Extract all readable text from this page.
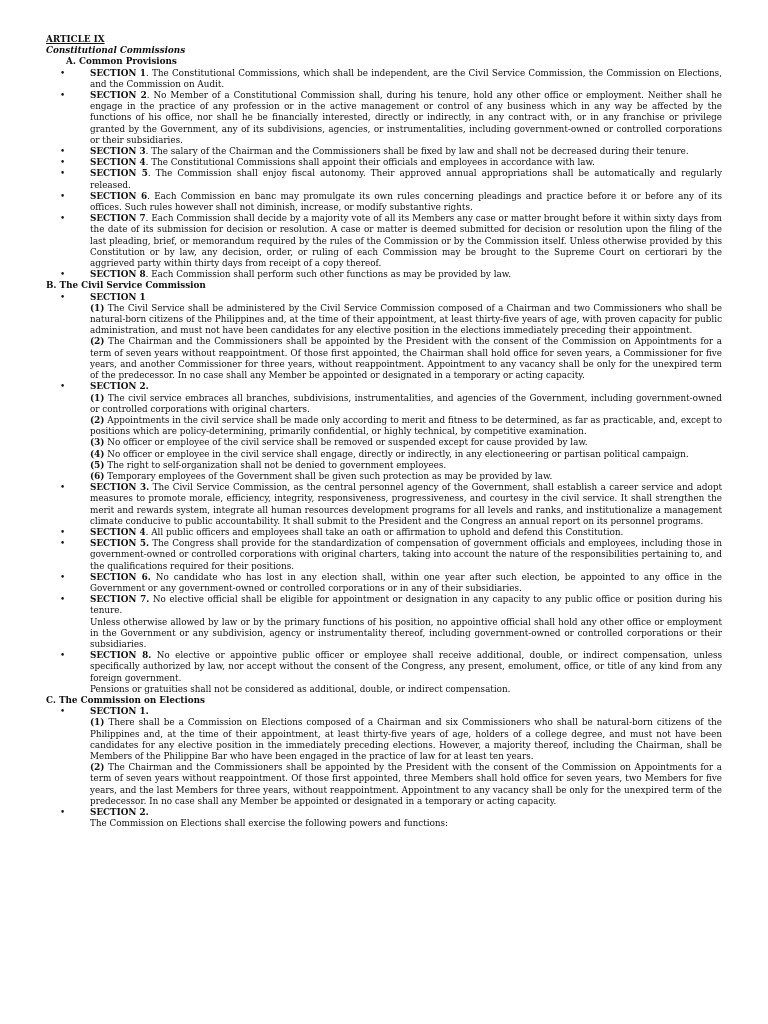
ARTICLE IX
Constitutional Commissions
A. Common Provisions
•	SECTION 1. The Constitutional Commissions, which shall be independent, are the Civil Service Commission, the Commission on Elections, and the Commission on Audit.
•	SECTION 2. No Member of a Constitutional Commission shall, during his tenure, hold any other office or employment. Neither shall he engage in the practice of any profession or in the active management or control of any business which in any way be affected by the functions of his office, nor shall he be financially interested, directly or indirectly, in any contract with, or in any franchise or privilege granted by the Government, any of its subdivisions, agencies, or instrumentalities, including government-owned or controlled corporations or their subsidiaries.
•	SECTION 3. The salary of the Chairman and the Commissioners shall be fixed by law and shall not be decreased during their tenure.
•	SECTION 4. The Constitutional Commissions shall appoint their officials and employees in accordance with law.
•	SECTION 5. The Commission shall enjoy fiscal autonomy. Their approved annual appropriations shall be automatically and regularly released.
•	SECTION 6. Each Commission en banc may promulgate its own rules concerning pleadings and practice before it or before any of its offices. Such rules however shall not diminish, increase, or modify substantive rights.
•	SECTION 7. Each Commission shall decide by a majority vote of all its Members any case or matter brought before it within sixty days from the date of its submission for decision or resolution. A case or matter is deemed submitted for decision or resolution upon the filing of the last pleading, brief, or memorandum required by the rules of the Commission or by the Commission itself. Unless otherwise provided by this Constitution or by law, any decision, order, or ruling of each Commission may be brought to the Supreme Court on certiorari by the aggrieved party within thirty days from receipt of a copy thereof.
•	SECTION 8. Each Commission shall perform such other functions as may be provided by law.
B. The Civil Service Commission
•	SECTION 1
(1) The Civil Service shall be administered by the Civil Service Commission composed of a Chairman and two Commissioners who shall be natural-born citizens of the Philippines and, at the time of their appointment, at least thirty-five years of age, with proven capacity for public administration, and must not have been candidates for any elective position in the elections immediately preceding their appointment.
(2) The Chairman and the Commissioners shall be appointed by the President with the consent of the Commission on Appointments for a term of seven years without reappointment. Of those first appointed, the Chairman shall hold office for seven years, a Commissioner for five years, and another Commissioner for three years, without reappointment. Appointment to any vacancy shall be only for the unexpired term of the predecessor. In no case shall any Member be appointed or designated in a temporary or acting capacity.
•	SECTION 2.
(1) The civil service embraces all branches, subdivisions, instrumentalities, and agencies of the Government, including government-owned or controlled corporations with original charters.
(2) Appointments in the civil service shall be made only according to merit and fitness to be determined, as far as practicable, and, except to positions which are policy-determining, primarily confidential, or highly technical, by competitive examination.
(3) No officer or employee of the civil service shall be removed or suspended except for cause provided by law.
(4) No officer or employee in the civil service shall engage, directly or indirectly, in any electioneering or partisan political campaign.
(5) The right to self-organization shall not be denied to government employees.
(6) Temporary employees of the Government shall be given such protection as may be provided by law.
•	SECTION 3. The Civil Service Commission, as the central personnel agency of the Government, shall establish a career service and adopt measures to promote morale, efficiency, integrity, responsiveness, progressiveness, and courtesy in the civil service. It shall strengthen the merit and rewards system, integrate all human resources development programs for all levels and ranks, and institutionalize a management climate conducive to public accountability. It shall submit to the President and the Congress an annual report on its personnel programs.
•	SECTION 4. All public officers and employees shall take an oath or affirmation to uphold and defend this Constitution.
•	SECTION 5. The Congress shall provide for the standardization of compensation of government officials and employees, including those in government-owned or controlled corporations with original charters, taking into account the nature of the responsibilities pertaining to, and the qualifications required for their positions.
•	SECTION 6. No candidate who has lost in any election shall, within one year after such election, be appointed to any office in the Government or any government-owned or controlled corporations or in any of their subsidiaries.
•	SECTION 7. No elective official shall be eligible for appointment or designation in any capacity to any public office or position during his tenure.
Unless otherwise allowed by law or by the primary functions of his position, no appointive official shall hold any other office or employment in the Government or any subdivision, agency or instrumentality thereof, including government-owned or controlled corporations or their subsidiaries.
•	SECTION 8. No elective or appointive public officer or employee shall receive additional, double, or indirect compensation, unless specifically authorized by law, nor accept without the consent of the Congress, any present, emolument, office, or title of any kind from any foreign government.
Pensions or gratuities shall not be considered as additional, double, or indirect compensation.
C. The Commission on Elections
•	SECTION 1.
(1) There shall be a Commission on Elections composed of a Chairman and six Commissioners who shall be natural-born citizens of the Philippines and, at the time of their appointment, at least thirty-five years of age, holders of a college degree, and must not have been candidates for any elective position in the immediately preceding elections. However, a majority thereof, including the Chairman, shall be Members of the Philippine Bar who have been engaged in the practice of law for at least ten years.
(2) The Chairman and the Commissioners shall be appointed by the President with the consent of the Commission on Appointments for a term of seven years without reappointment. Of those first appointed, three Members shall hold office for seven years, two Members for five years, and the last Members for three years, without reappointment. Appointment to any vacancy shall be only for the unexpired term of the predecessor. In no case shall any Member be appointed or designated in a temporary or acting capacity.
•	SECTION 2.
The Commission on Elections shall exercise the following powers and functions:
